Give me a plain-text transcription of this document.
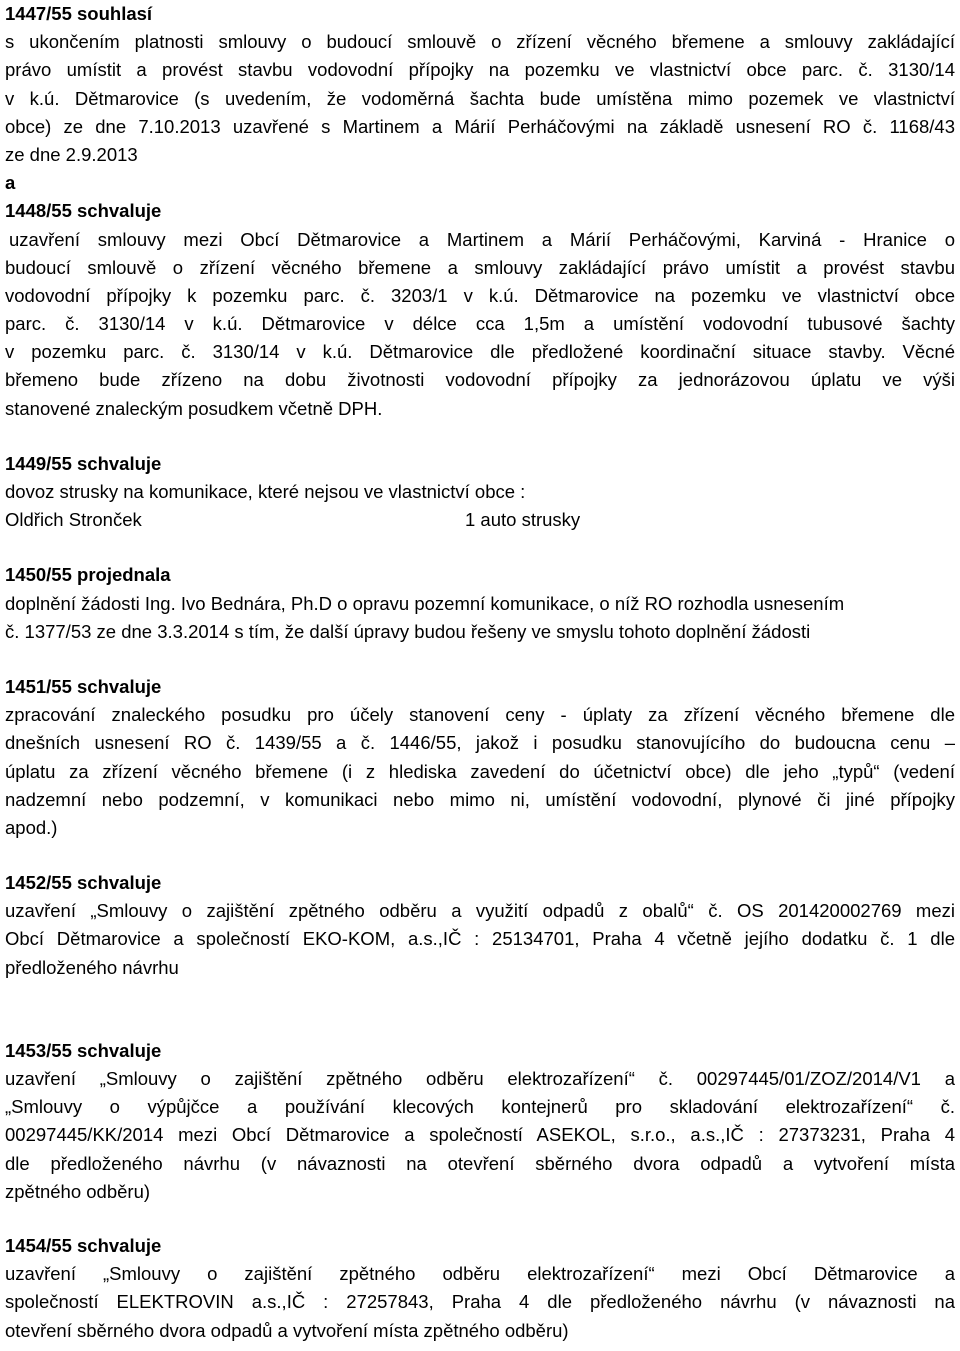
1447/55 souhlasí
s ukončením platnosti smlouvy o budoucí smlouvě o zřízení věcného břemene a smlouvy zakládající
právo umístit a provést stavbu vodovodní přípojky na pozemku ve vlastnictví obce parc. č. 3130/14
v k.ú. Dětmarovice (s uvedením, že vodoměrná šachta bude umístěna mimo pozemek ve vlastnictví
obce) ze dne 7.10.2013 uzavřené s Martinem a Márií Perháčovými na základě usnesení RO č. 1168/43
ze dne 2.9.2013
a
1448/55 schvaluje
uzavření smlouvy mezi Obcí Dětmarovice a Martinem a Márií Perháčovými, Karviná - Hranice o
budoucí smlouvě o zřízení věcného břemene a smlouvy zakládající právo umístit a provést stavbu
vodovodní přípojky k pozemku parc. č. 3203/1 v k.ú. Dětmarovice na pozemku ve vlastnictví obce
parc. č. 3130/14 v k.ú. Dětmarovice v délce cca 1,5m a umístění vodovodní tubusové šachty
v pozemku parc. č. 3130/14 v k.ú. Dětmarovice dle předložené koordinační situace stavby. Věcné
břemeno bude zřízeno na dobu životnosti vodovodní přípojky za jednorázovou úplatu ve výši
stanovené znaleckým posudkem včetně DPH.
1449/55 schvaluje
dovoz strusky na komunikace, které nejsou ve vlastnictví obce :
Oldřich Stronček	1 auto strusky
1450/55 projednala
doplnění žádosti Ing. Ivo Bednára, Ph.D o opravu pozemní komunikace, o níž RO rozhodla usnesením
č. 1377/53 ze dne 3.3.2014 s tím, že další úpravy budou řešeny ve smyslu tohoto doplnění žádosti
1451/55 schvaluje
zpracování znaleckého posudku pro účely stanovení ceny - úplaty za zřízení věcného břemene dle
dnešních usnesení RO č. 1439/55 a č. 1446/55, jakož i posudku stanovujícího do budoucna cenu –
úplatu za zřízení věcného břemene (i z hlediska zavedení do účetnictví obce) dle jeho „typů“ (vedení
nadzemní nebo podzemní, v komunikaci nebo mimo ni, umístění vodovodní, plynové či jiné přípojky
apod.)
1452/55 schvaluje
uzavření „Smlouvy o zajištění zpětného odběru a využití odpadů z obalů“ č. OS 201420002769 mezi
Obcí Dětmarovice a společností EKO-KOM, a.s.,IČ : 25134701, Praha 4 včetně jejího dodatku č. 1 dle
předloženého návrhu
1453/55 schvaluje
uzavření „Smlouvy o zajištění zpětného odběru elektrozařízení“ č. 00297445/01/ZOZ/2014/V1 a
„Smlouvy o výpůjčce a používání klecových kontejnerů pro skladování elektrozařízení“ č.
00297445/KK/2014 mezi Obcí Dětmarovice a společností ASEKOL, s.r.o., a.s.,IČ : 27373231, Praha 4
dle předloženého návrhu (v návaznosti na otevření sběrného dvora odpadů a vytvoření místa
zpětného odběru)
1454/55 schvaluje
uzavření „Smlouvy o zajištění zpětného odběru elektrozařízení“ mezi Obcí Dětmarovice a
společností ELEKTROVIN a.s.,IČ : 27257843, Praha 4 dle předloženého návrhu (v návaznosti na
otevření sběrného dvora odpadů a vytvoření místa zpětného odběru)
